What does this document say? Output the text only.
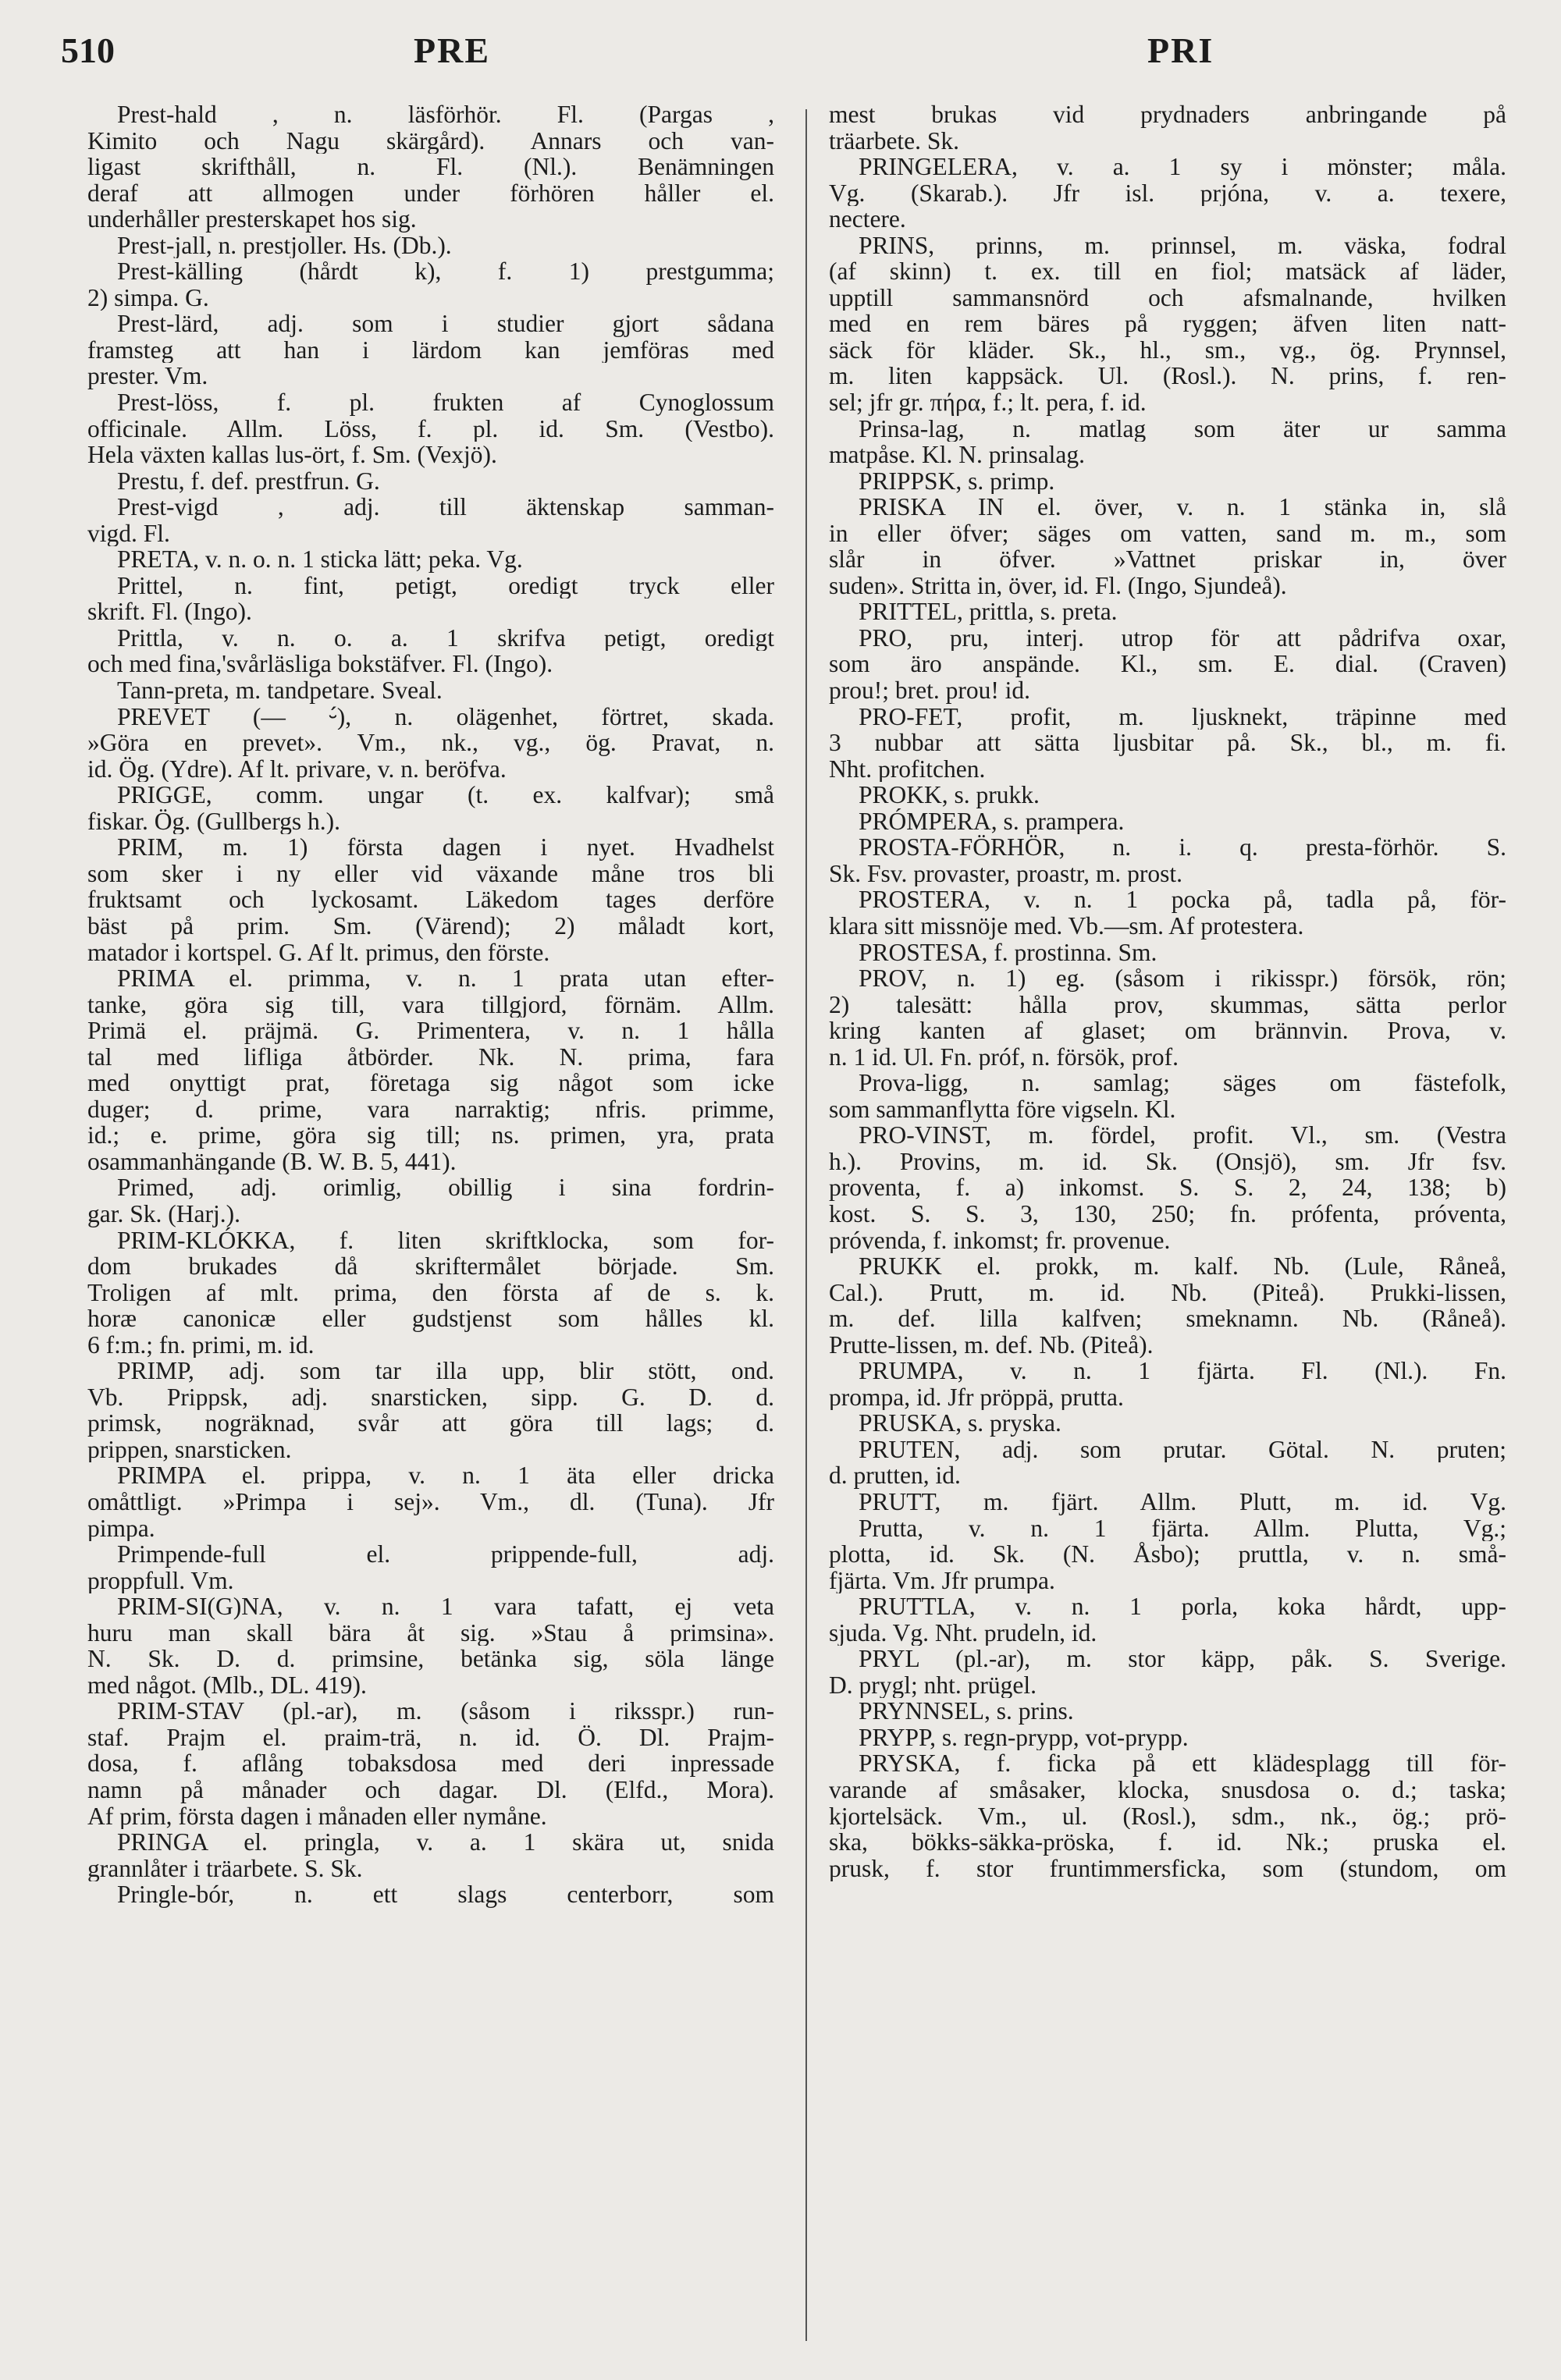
510	PRE	PRI
Prest-hald , n. läsförhör. Fl. (Pargas ,
Kimito och Nagu skärgård). Annars och van-
ligast skrifthåll, n. Fl. (Nl.). Benämningen
deraf att allmogen under förhören håller el.
underhåller presterskapet hos sig.
Prest-jall, n. prestjoller. Hs. (Db.).
Prest-källing (hårdt k), f. 1) prestgumma;
2) simpa. G.
Prest-lärd, adj. som i studier gjort sådana
framsteg att han i lärdom kan jemföras med
prester. Vm.
Prest-löss, f. pl. frukten af Cynoglossum
officinale. Allm. Löss, f. pl. id. Sm. (Vestbo).
Hela växten kallas lus-ört, f. Sm. (Vexjö).
Prestu, f. def. prestfrun. G.
Prest-vigd , adj. till äktenskap samman-
vigd. Fl.
PRETA, v. n. o. n. 1 sticka lätt; peka. Vg.
Prittel, n. fint, petigt, oredigt tryck eller
skrift. Fl. (Ingo).
Prittla, v. n. o. a. 1 skrifva petigt, oredigt
och med fina,'svårläsliga bokstäfver. Fl. (Ingo).
Tann-preta, m. tandpetare. Sveal.
PREVET (— ⏑́), n. olägenhet, förtret, skada.
»Göra en prevet». Vm., nk., vg., ög. Pravat, n.
id. Ög. (Ydre). Af lt. privare, v. n. beröfva.
PRIGGE, comm. ungar (t. ex. kalfvar); små
fiskar. Ög. (Gullbergs h.).
PRIM, m. 1) första dagen i nyet. Hvadhelst
som sker i ny eller vid växande måne tros bli
fruktsamt och lyckosamt. Läkedom tages derföre
bäst på prim. Sm. (Värend); 2) måladt kort,
matador i kortspel. G. Af lt. primus, den förste.
PRIMA el. primma, v. n. 1 prata utan efter-
tanke, göra sig till, vara tillgjord, förnäm. Allm.
Primä el. präjmä. G. Primentera, v. n. 1 hålla
tal med lifliga åtbörder. Nk. N. prima, fara
med onyttigt prat, företaga sig något som icke
duger; d. prime, vara narraktig; nfris. primme,
id.; e. prime, göra sig till; ns. primen, yra, prata
osammanhängande (B. W. B. 5, 441).
Primed, adj. orimlig, obillig i sina fordrin-
gar. Sk. (Harj.).
PRIM-KLÓKKA, f. liten skriftklocka, som for-
dom brukades då skriftermålet började. Sm.
Troligen af mlt. prima, den första af de s. k.
horæ canonicæ eller gudstjenst som hålles kl.
6 f:m.; fn. primi, m. id.
PRIMP, adj. som tar illa upp, blir stött, ond.
Vb. Prippsk, adj. snarsticken, sipp. G. D. d.
primsk, nogräknad, svår att göra till lags; d.
prippen, snarsticken.
PRIMPA el. prippa, v. n. 1 äta eller dricka
omåttligt. »Primpa i sej». Vm., dl. (Tuna). Jfr
pimpa.
Primpende-full el. prippende-full, adj.
proppfull. Vm.
PRIM-SI(G)NA, v. n. 1 vara tafatt, ej veta
huru man skall bära åt sig. »Stau å primsina».
N. Sk. D. d. primsine, betänka sig, söla länge
med något. (Mlb., DL. 419).
PRIM-STAV (pl.-ar), m. (såsom i riksspr.) run-
staf. Prajm el. praim-trä, n. id. Ö. Dl. Prajm-
dosa, f. aflång tobaksdosa med deri inpressade
namn på månader och dagar. Dl. (Elfd., Mora).
Af prim, första dagen i månaden eller nymåne.
PRINGA el. pringla, v. a. 1 skära ut, snida
grannlåter i träarbete. S. Sk.
Pringle-bór, n. ett slags centerborr, som
mest brukas vid prydnaders anbringande på
träarbete. Sk.
PRINGELERA, v. a. 1 sy i mönster; måla.
Vg. (Skarab.). Jfr isl. prjóna, v. a. texere,
nectere.
PRINS, prinns, m. prinnsel, m. väska, fodral
(af skinn) t. ex. till en fiol; matsäck af läder,
upptill sammansnörd och afsmalnande, hvilken
med en rem bäres på ryggen; äfven liten natt-
säck för kläder. Sk., hl., sm., vg., ög. Prynnsel,
m. liten kappsäck. Ul. (Rosl.). N. prins, f. ren-
sel; jfr gr. πήρα, f.; lt. pera, f. id.
Prinsa-lag, n. matlag som äter ur samma
matpåse. Kl. N. prinsalag.
PRIPPSK, s. primp.
PRISKA IN el. över, v. n. 1 stänka in, slå
in eller öfver; säges om vatten, sand m. m., som
slår in öfver. »Vattnet priskar in, över
suden». Stritta in, över, id. Fl. (Ingo, Sjundeå).
PRITTEL, prittla, s. preta.
PRO, pru, interj. utrop för att pådrifva oxar,
som äro anspände. Kl., sm. E. dial. (Craven)
prou!; bret. prou! id.
PRO-FET, profit, m. ljusknekt, träpinne med
3 nubbar att sätta ljusbitar på. Sk., bl., m. fi.
Nht. profitchen.
PROKK, s. prukk.
PRÓMPERA, s. prampera.
PROSTA-FÖRHÖR, n. i. q. presta-förhör. S.
Sk. Fsv. provaster, proastr, m. prost.
PROSTERA, v. n. 1 pocka på, tadla på, för-
klara sitt missnöje med. Vb.—sm. Af protestera.
PROSTESA, f. prostinna. Sm.
PROV, n. 1) eg. (såsom i rikisspr.) försök, rön;
2) talesätt: hålla prov, skummas, sätta perlor
kring kanten af glaset; om brännvin. Prova, v.
n. 1 id. Ul. Fn. próf, n. försök, prof.
Prova-ligg, n. samlag; säges om fästefolk,
som sammanflytta före vigseln. Kl.
PRO-VINST, m. fördel, profit. Vl., sm. (Vestra
h.). Provins, m. id. Sk. (Onsjö), sm. Jfr fsv.
proventa, f. a) inkomst. S. S. 2, 24, 138; b)
kost. S. S. 3, 130, 250; fn. prófenta, próventa,
próvenda, f. inkomst; fr. provenue.
PRUKK el. prokk, m. kalf. Nb. (Lule, Råneå,
Cal.). Prutt, m. id. Nb. (Piteå). Prukki-lissen,
m. def. lilla kalfven; smeknamn. Nb. (Råneå).
Prutte-lissen, m. def. Nb. (Piteå).
PRUMPA, v. n. 1 fjärta. Fl. (Nl.). Fn.
prompa, id. Jfr pröppä, prutta.
PRUSKA, s. pryska.
PRUTEN, adj. som prutar. Götal. N. pruten;
d. prutten, id.
PRUTT, m. fjärt. Allm. Plutt, m. id. Vg.
Prutta, v. n. 1 fjärta. Allm. Plutta, Vg.;
plotta, id. Sk. (N. Åsbo); pruttla, v. n. små-
fjärta. Vm. Jfr prumpa.
PRUTTLA, v. n. 1 porla, koka hårdt, upp-
sjuda. Vg. Nht. prudeln, id.
PRYL (pl.-ar), m. stor käpp, påk. S. Sverige.
D. prygl; nht. prügel.
PRYNNSEL, s. prins.
PRYPP, s. regn-prypp, vot-prypp.
PRYSKA, f. ficka på ett klädesplagg till för-
varande af småsaker, klocka, snusdosa o. d.; taska;
kjortelsäck. Vm., ul. (Rosl.), sdm., nk., ög.; prö-
ska, bökks-säkka-pröska, f. id. Nk.; pruska el.
prusk, f. stor fruntimmersficka, som (stundom, om
